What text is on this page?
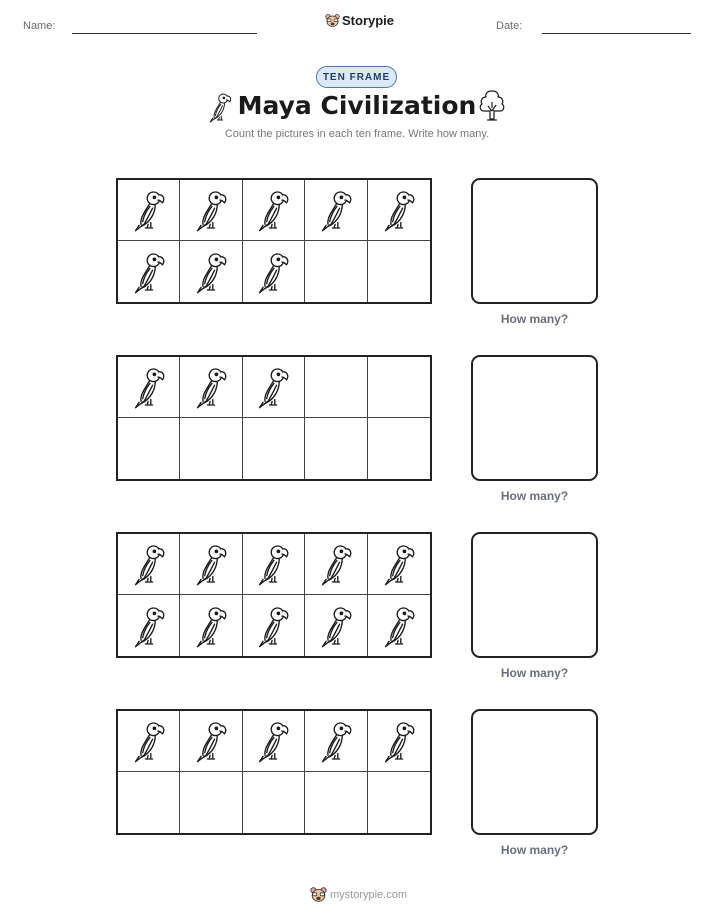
Name:	Storypie	Date:
TEN FRAME
Maya Civilization
Count the pictures in each ten frame. Write how many.
How many?
How many?
How many?
How many?
mystorypie.com
